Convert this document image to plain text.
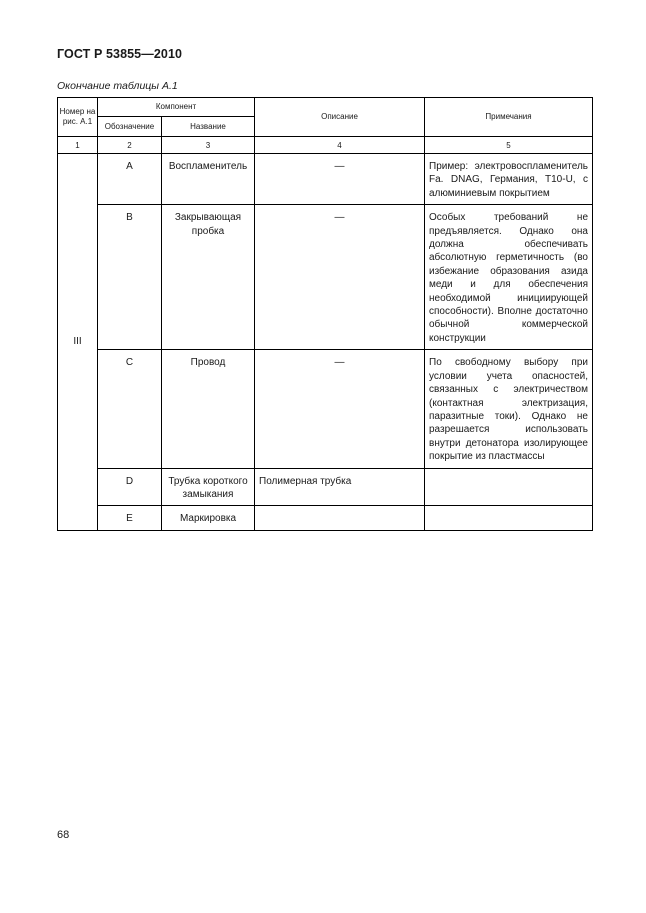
ГОСТ Р 53855—2010
Окончание таблицы А.1
Номер на рис. А.1	Компонент		Описание	Примечания
	Обозначение	Название		
1	2	3	4	5
III	A	Воспламенитель	—	Пример: электровоспламенитель Fa. DNAG, Германия, T10-U, с алюминиевым покрытием
	B	Закрывающая пробка	—	Особых требований не предъявляется. Однако она должна обеспечивать абсолютную герметичность (во избежание образования азида меди и для обеспечения необходимой инициирующей способности). Вполне достаточно обычной коммерческой конструкции
	C	Провод	—	По свободному выбору при условии учета опасностей, связанных с электричеством (контактная электризация, паразитные токи). Однако не разрешается использовать внутри детонатора изолирующее покрытие из пластмассы
	D	Трубка короткого замыкания	Полимерная трубка	
	E	Маркировка		
68
